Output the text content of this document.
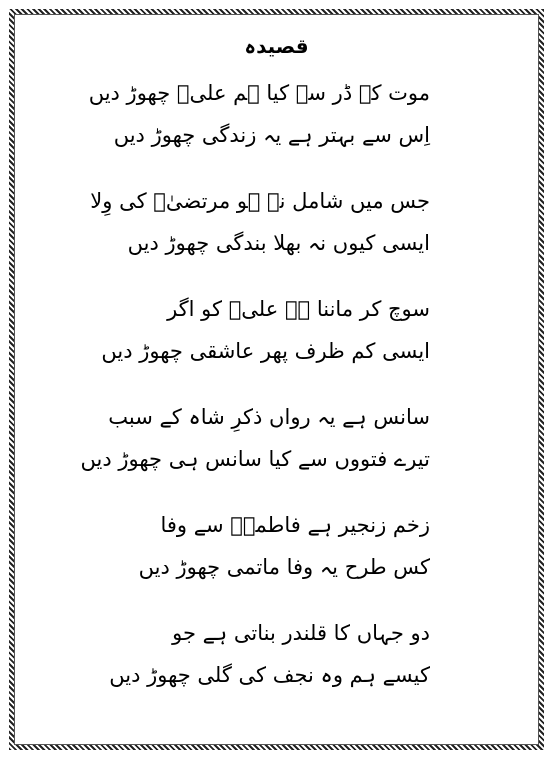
قصیدہ
موت کے ڈر سے کیا ہم علیؑ چھوڑ دیں
اِس سے بہتر ہے یہ زندگی چھوڑ دیں
جس میں شامل نہ ہو مرتضیٰؑ کی وِلا
ایسی کیوں نہ بھلا بندگی چھوڑ دیں
سوچ کر ماننا ہے علیؑ کو اگر
ایسی کم ظرف پھر عاشقی چھوڑ دیں
سانس ہے یہ رواں ذکرِ شاہ کے سبب
تیرے فتووں سے کیا سانس ہی چھوڑ دیں
زخم زنجیر ہے فاطمہؑ سے وفا
کس طرح یہ وفا ماتمی چھوڑ دیں
دو جہاں کا قلندر بناتی ہے جو
کیسے ہم وہ نجف کی گلی چھوڑ دیں
